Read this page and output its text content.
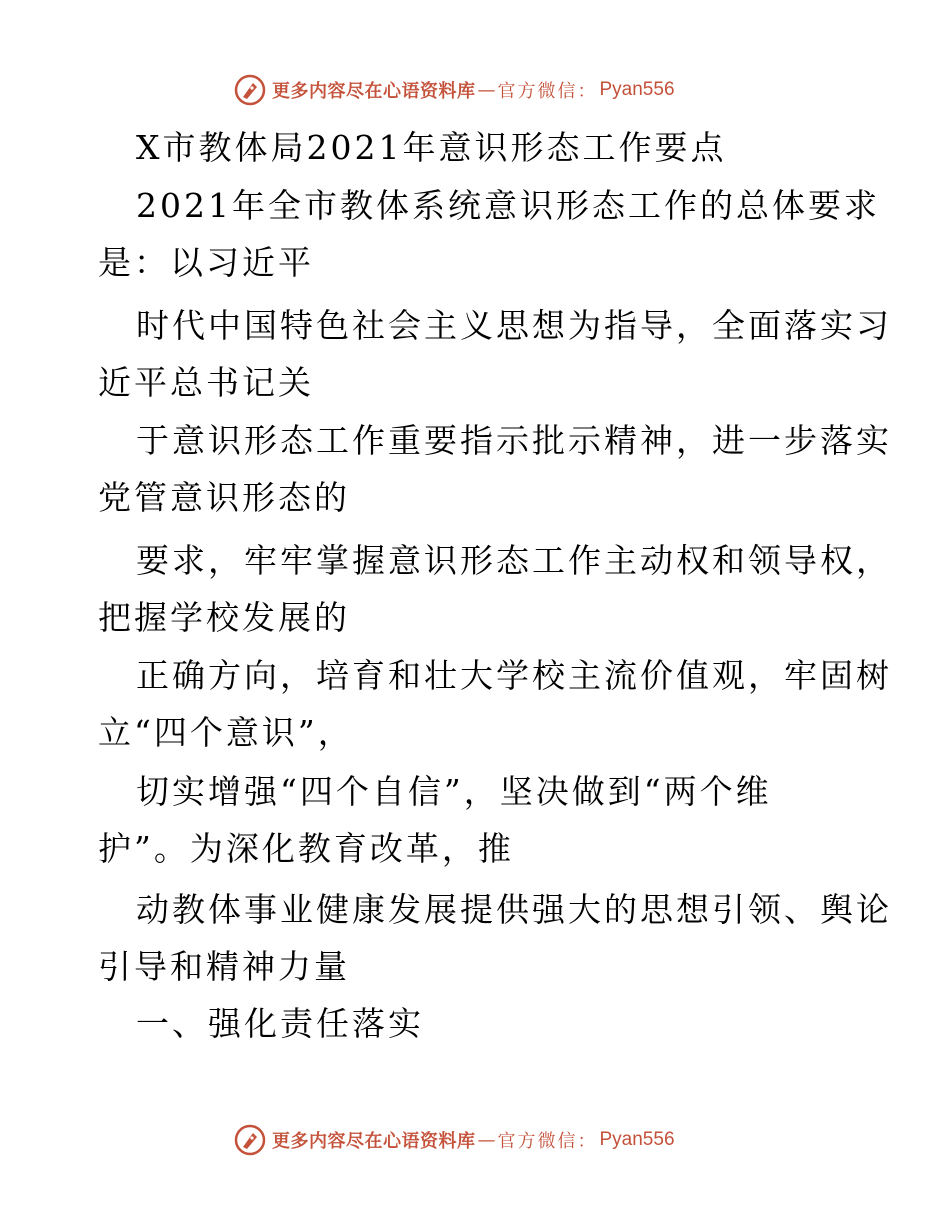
更多内容尽在心语资料库 — 官方微信： Pyan556
X市教体局2021年意识形态工作要点
2021年全市教体系统意识形态工作的总体要求
是：以习近平
时代中国特色社会主义思想为指导，全面落实习
近平总书记关
于意识形态工作重要指示批示精神，进一步落实
党管意识形态的
要求，牢牢掌握意识形态工作主动权和领导权，
把握学校发展的
正确方向，培育和壮大学校主流价值观，牢固树
立“四个意识”，
切实增强“四个自信”，坚决做到“两个维
护”。为深化教育改革，推
动教体事业健康发展提供强大的思想引领、舆论
引导和精神力量
一、强化责任落实
更多内容尽在心语资料库 — 官方微信： Pyan556
